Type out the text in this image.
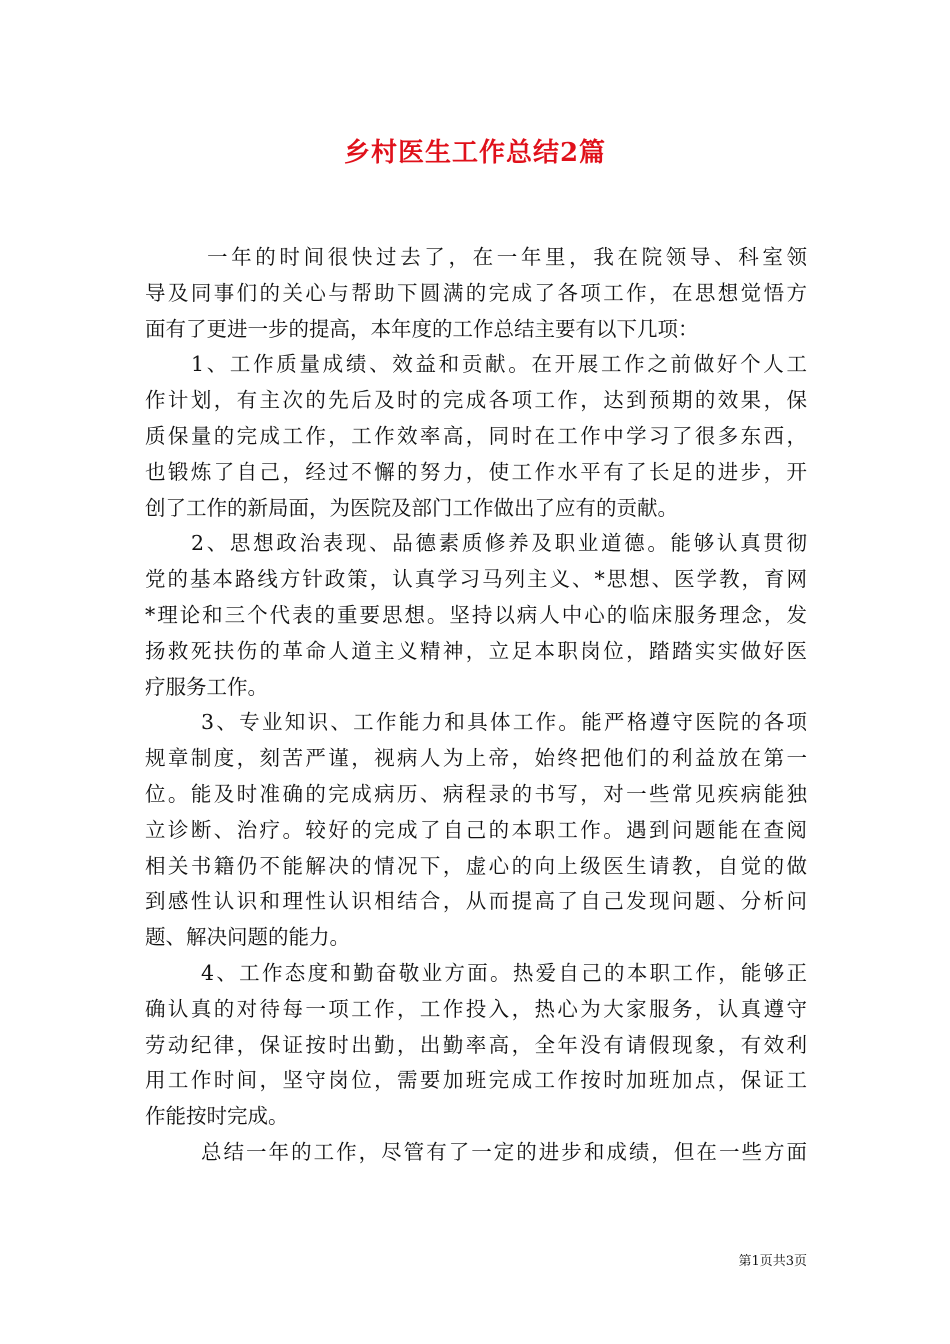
乡村医生工作总结2篇
一年的时间很快过去了，在一年里，我在院领导、科室领
导及同事们的关心与帮助下圆满的完成了各项工作，在思想觉悟方
面有了更进一步的提高，本年度的工作总结主要有以下几项：
1、工作质量成绩、效益和贡献。在开展工作之前做好个人工
作计划，有主次的先后及时的完成各项工作，达到预期的效果，保
质保量的完成工作，工作效率高，同时在工作中学习了很多东西，
也锻炼了自己，经过不懈的努力，使工作水平有了长足的进步，开
创了工作的新局面，为医院及部门工作做出了应有的贡献。
2、思想政治表现、品德素质修养及职业道德。能够认真贯彻
党的基本路线方针政策，认真学习马列主义、*思想、医学教，育网
*理论和三个代表的重要思想。坚持以病人中心的临床服务理念，发
扬救死扶伤的革命人道主义精神，立足本职岗位，踏踏实实做好医
疗服务工作。
3、专业知识、工作能力和具体工作。能严格遵守医院的各项
规章制度，刻苦严谨，视病人为上帝，始终把他们的利益放在第一
位。能及时准确的完成病历、病程录的书写，对一些常见疾病能独
立诊断、治疗。较好的完成了自己的本职工作。遇到问题能在查阅
相关书籍仍不能解决的情况下，虚心的向上级医生请教，自觉的做
到感性认识和理性认识相结合，从而提高了自己发现问题、分析问
题、解决问题的能力。
4、工作态度和勤奋敬业方面。热爱自己的本职工作，能够正
确认真的对待每一项工作，工作投入，热心为大家服务，认真遵守
劳动纪律，保证按时出勤，出勤率高，全年没有请假现象，有效利
用工作时间，坚守岗位，需要加班完成工作按时加班加点，保证工
作能按时完成。
总结一年的工作，尽管有了一定的进步和成绩，但在一些方面
第1页共3页
